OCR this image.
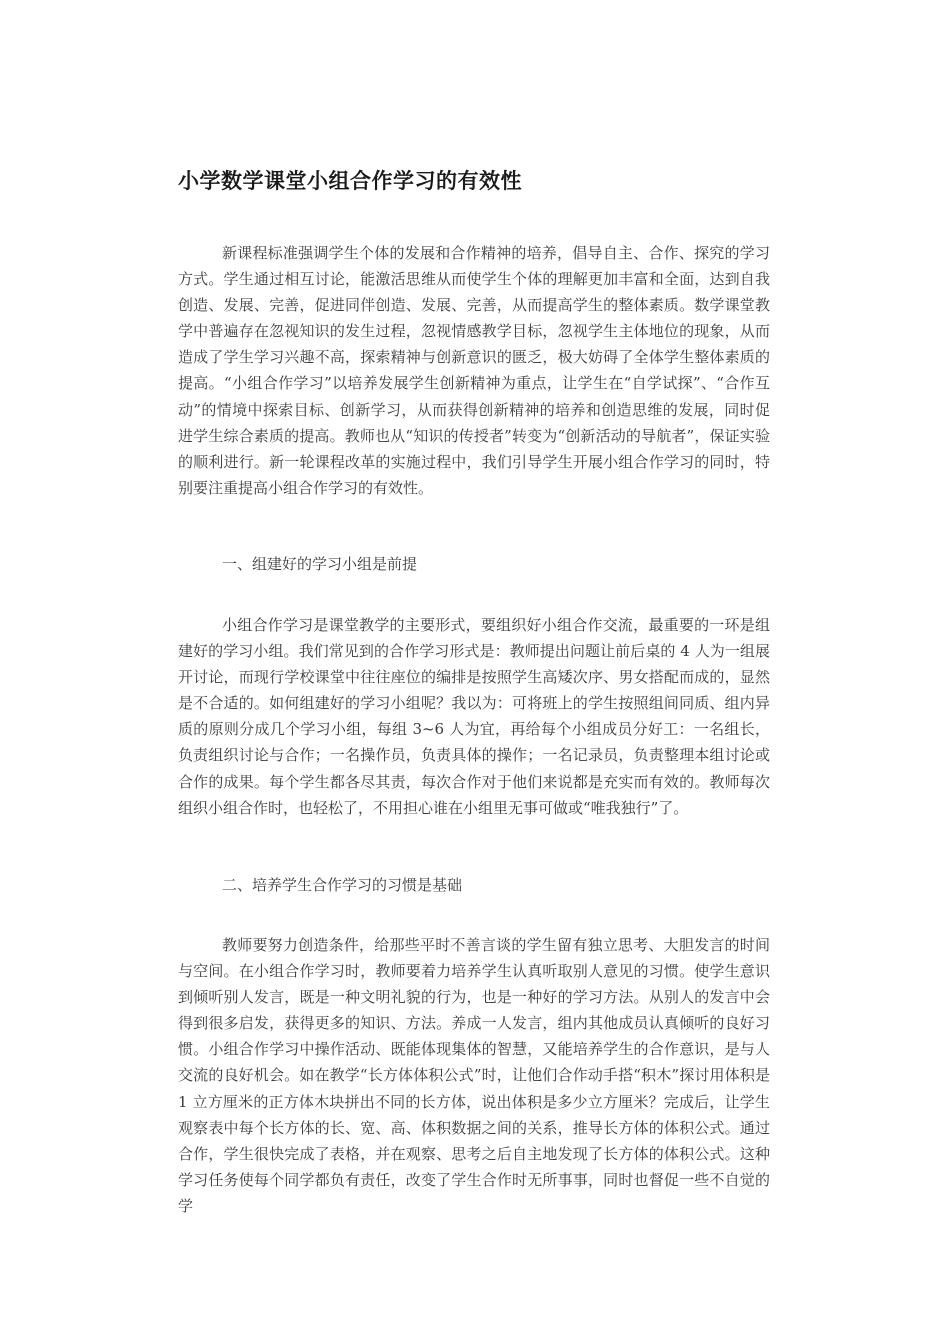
小学数学课堂小组合作学习的有效性

新课程标准强调学生个体的发展和合作精神的培养，倡导自主、合作、探究的学习方式。学生通过相互讨论，能激活思维从而使学生个体的理解更加丰富和全面，达到自我创造、发展、完善，促进同伴创造、发展、完善，从而提高学生的整体素质。数学课堂教学中普遍存在忽视知识的发生过程，忽视情感教学目标，忽视学生主体地位的现象，从而造成了学生学习兴趣不高，探索精神与创新意识的匮乏，极大妨碍了全体学生整体素质的提高。“小组合作学习”以培养发展学生创新精神为重点，让学生在“自学试探”、“合作互动”的情境中探索目标、创新学习，从而获得创新精神的培养和创造思维的发展，同时促进学生综合素质的提高。教师也从“知识的传授者”转变为“创新活动的导航者”，保证实验的顺利进行。新一轮课程改革的实施过程中，我们引导学生开展小组合作学习的同时，特别要注重提高小组合作学习的有效性。

一、组建好的学习小组是前提

小组合作学习是课堂教学的主要形式，要组织好小组合作交流，最重要的一环是组建好的学习小组。我们常见到的合作学习形式是：教师提出问题让前后桌的 4 人为一组展开讨论，而现行学校课堂中往往座位的编排是按照学生高矮次序、男女搭配而成的，显然是不合适的。如何组建好的学习小组呢？我以为：可将班上的学生按照组间同质、组内异质的原则分成几个学习小组，每组 3~6 人为宜，再给每个小组成员分好工：一名组长，负责组织讨论与合作；一名操作员，负责具体的操作；一名记录员，负责整理本组讨论或合作的成果。每个学生都各尽其责，每次合作对于他们来说都是充实而有效的。教师每次组织小组合作时，也轻松了，不用担心谁在小组里无事可做或“唯我独行”了。

二、培养学生合作学习的习惯是基础

教师要努力创造条件，给那些平时不善言谈的学生留有独立思考、大胆发言的时间与空间。在小组合作学习时，教师要着力培养学生认真听取别人意见的习惯。使学生意识到倾听别人发言，既是一种文明礼貌的行为，也是一种好的学习方法。从别人的发言中会得到很多启发，获得更多的知识、方法。养成一人发言，组内其他成员认真倾听的良好习惯。小组合作学习中操作活动、既能体现集体的智慧，又能培养学生的合作意识，是与人交流的良好机会。如在教学“长方体体积公式”时，让他们合作动手搭“积木”探讨用体积是 1 立方厘米的正方体木块拼出不同的长方体，说出体积是多少立方厘米？完成后，让学生观察表中每个长方体的长、宽、高、体积数据之间的关系，推导长方体的体积公式。通过合作，学生很快完成了表格，并在观察、思考之后自主地发现了长方体的体积公式。这种学习任务使每个同学都负有责任，改变了学生合作时无所事事，同时也督促一些不自觉的学
